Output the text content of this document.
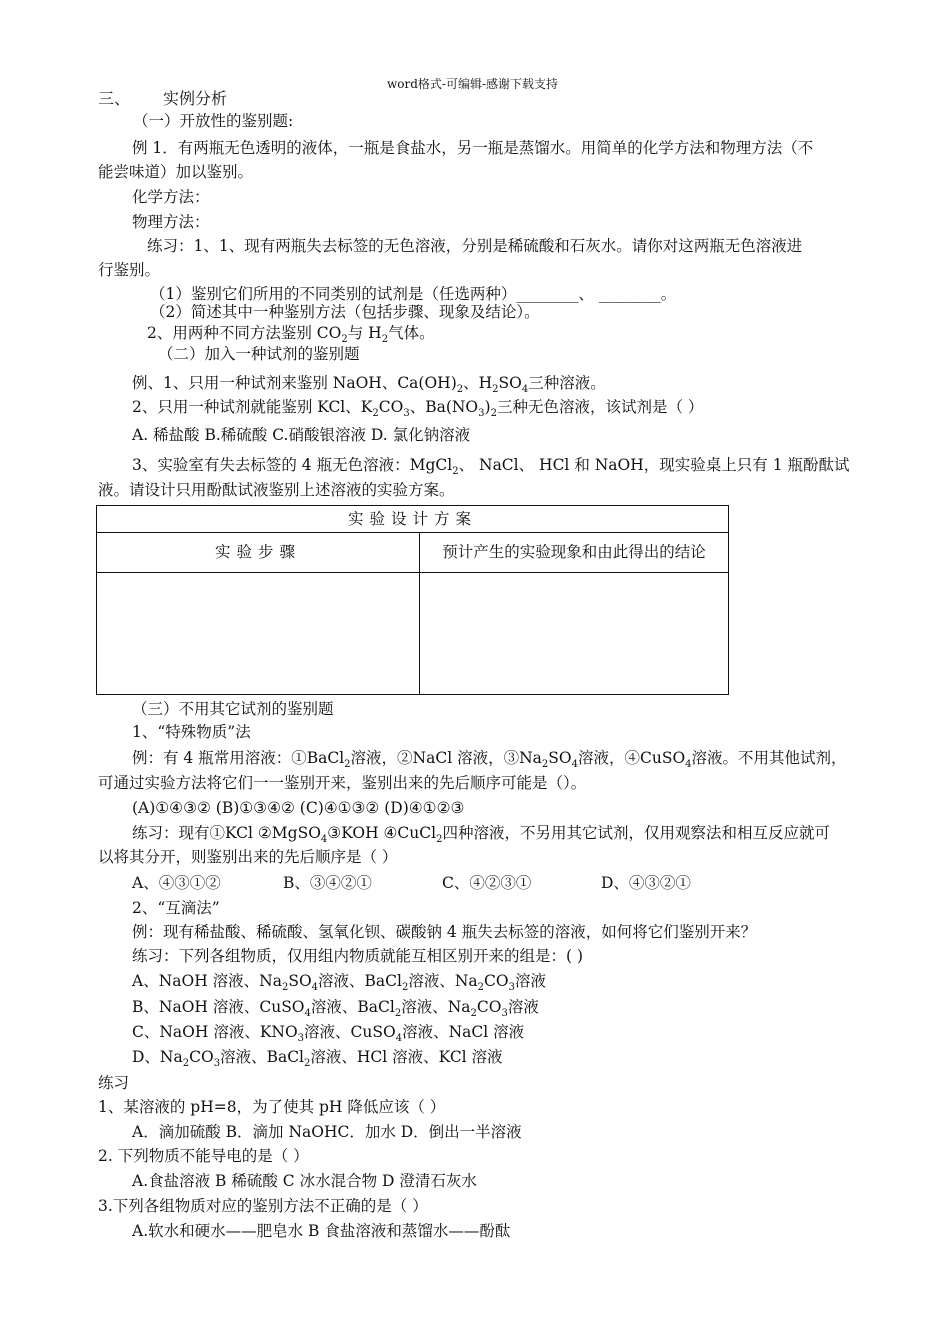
word格式-可编辑-感谢下载支持
三、 实例分析
（一）开放性的鉴别题:
例 1．有两瓶无色透明的液体，一瓶是食盐水，另一瓶是蒸馏水。用简单的化学方法和物理方法（不
能尝味道）加以鉴别。
化学方法：
物理方法：
练习：1、1、现有两瓶失去标签的无色溶液，分别是稀硫酸和石灰水。请你对这两瓶无色溶液进
行鉴别。
（1）鉴别它们所用的不同类别的试剂是（任选两种）________、 ________。
（2）简述其中一种鉴别方法（包括步骤、现象及结论）。
2、用两种不同方法鉴别 $CO_2$与 $H_2$气体。
（二）加入一种试剂的鉴别题
例、1、只用一种试剂来鉴别 NaOH、$Ca(OH)_2$、$H_2SO_4$三种溶液。
2、只用一种试剂就能鉴别 KCl、$K_2CO_3$、$Ba(NO_3)_2$三种无色溶液，该试剂是（ ）
A. 稀盐酸 B.稀硫酸 C.硝酸银溶液 D. 氯化钠溶液
3、实验室有失去标签的 4 瓶无色溶液：MgCl$_2$、 NaCl、 HCl 和 NaOH，现实验桌上只有 1 瓶酚酞试
液。请设计只用酚酞试液鉴别上述溶液的实验方案。
实验设计方案
实验步骤	预计产生的实验现象和由此得出的结论
（三）不用其它试剂的鉴别题
1、“特殊物质”法
例：有 4 瓶常用溶液：①BaCl$_2$溶液，②NaCl 溶液，$③Na_2SO_4$溶液，④CuSO$_4$溶液。不用其他试剂，
可通过实验方法将它们一一鉴别开来，鉴别出来的先后顺序可能是（）。
(A)①④③② (B)①③④② (C)④①③② (D)④①②③
练习：现有①KCl ②MgSO$_4$③KOH ④CuCl$_2$四种溶液，不另用其它试剂，仅用观察法和相互反应就可
以将其分开，则鉴别出来的先后顺序是（ ）
A、④③①②	B、③④②①	C、④②③①	D、④③②①
2、“互滴法”
例：现有稀盐酸、稀硫酸、氢氧化钡、碳酸钠 4 瓶失去标签的溶液，如何将它们鉴别开来？
练习：下列各组物质，仅用组内物质就能互相区别开来的组是：( )
A、NaOH 溶液、$Na_2SO_4$溶液、BaCl$_2$溶液、$Na_2CO_3$溶液
B、NaOH 溶液、CuSO$_4$溶液、BaCl$_2$溶液、$Na_2CO_3$溶液
C、NaOH 溶液、$KNO_3$溶液、CuSO$_4$溶液、NaCl 溶液
D、$Na_2CO_3$溶液、BaCl$_2$溶液、HCl 溶液、KCl 溶液
练习
1、某溶液的 pH=8，为了使其 pH 降低应该（ ）
A．滴加硫酸 B．滴加 NaOHC．加水 D．倒出一半溶液
2. 下列物质不能导电的是（ ）
A.食盐溶液 B 稀硫酸 C 冰水混合物 D 澄清石灰水
3.下列各组物质对应的鉴别方法不正确的是（ ）
A.软水和硬水——肥皂水 B 食盐溶液和蒸馏水——酚酞
